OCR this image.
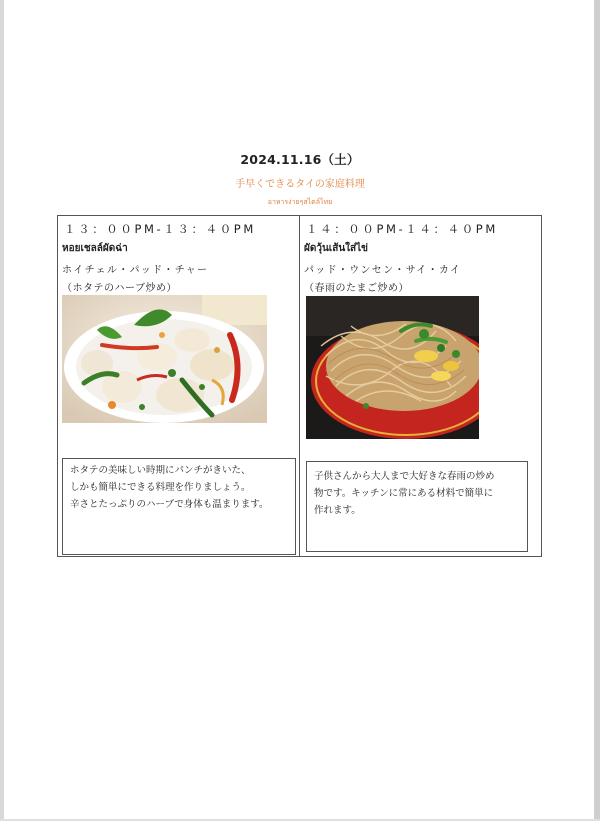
2024.11.16（土）
手早くできるタイの家庭料理
อาหารง่ายๆสไตล์ไทย
１３：００PM-１３：４０PM
หอยเชลล์ผัดฉ่า
ホイチェル・パッド・チャー
（ホタテのハーブ炒め）
ホタテの美味しい時期にパンチがきいた、
しかも簡単にできる料理を作りましょう。
辛さとたっぷりのハーブで身体も温まります。
１４：００PM-１４：４０PM
ผัดวุ้นเส้นใส่ไข่
パッド・ウンセン・サイ・カイ
（春雨のたまご炒め）
子供さんから大人まで大好きな春雨の炒め
物です。キッチンに常にある材料で簡単に
作れます。
